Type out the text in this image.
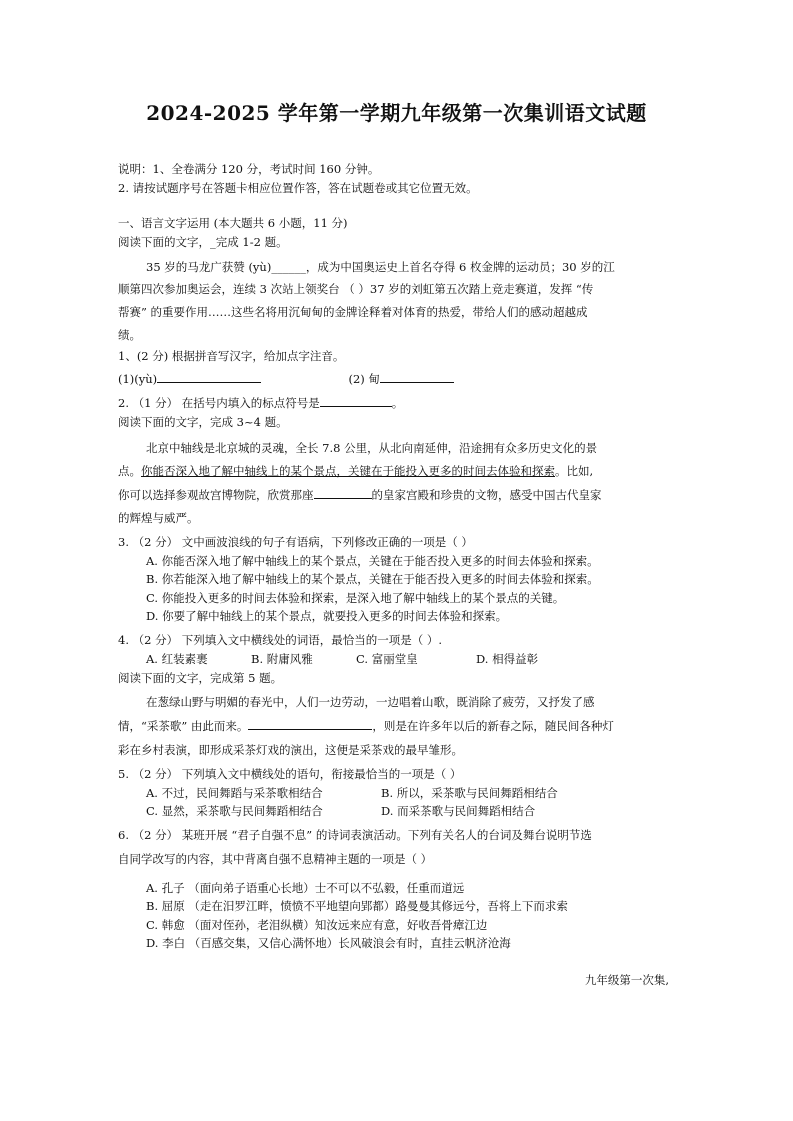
2024-2025 学年第一学期九年级第一次集训语文试题
说明：1、全卷满分 120 分，考试时间 160 分钟。
2. 请按试题序号在答题卡相应位置作答，答在试题卷或其它位置无效。
一、语言文字运用 (本大题共 6 小题，11 分)
阅读下面的文字，_完成 1-2 题。
35 岁的马龙广获赞 (yù)______，成为中国奥运史上首名夺得 6 枚金牌的运动员；30 岁的江
顺第四次参加奥运会，连续 3 次站上领奖台 （ ）37 岁的刘虹第五次踏上竞走赛道，发挥 “传
帮赛” 的重要作用……这些名将用沉甸甸的金牌诠释着对体育的热爱，带给人们的感动超越成
绩。
1、(2 分) 根据拼音写汉字，给加点字注音。
(1)(yù)	(2) 甸
2. （1 分） 在括号内填入的标点符号是	。
阅读下面的文字，完成 3~4 题。
北京中轴线是北京城的灵魂，全长 7.8 公里，从北向南延伸，沿途拥有众多历史文化的景
点。你能否深入地了解中轴线上的某个景点，关键在于能投入更多的时间去体验和探索。比如,
你可以选择参观故宫博物院，欣赏那座	的皇家宫殿和珍贵的文物，感受中国古代皇家
的辉煌与威严。
3. （2 分） 文中画波浪线的句子有语病，下列修改正确的一项是（ ）
A. 你能否深入地了解中轴线上的某个景点，关键在于能否投入更多的时间去体验和探索。
B. 你若能深入地了解中轴线上的某个景点，关键在于能否投入更多的时间去体验和探索。
C. 你能投入更多的时间去体验和探索，是深入地了解中轴线上的某个景点的关键。
D. 你要了解中轴线上的某个景点，就要投入更多的时间去体验和探索。
4. （2 分） 下列填入文中横线处的词语，最恰当的一项是（ ）.
A. 红装素裹	B. 附庸风雅	C. 富丽堂皇	D. 相得益彰
阅读下面的文字，完成第 5 题。
在葱绿山野与明媚的春光中，人们一边劳动，一边唱着山歌，既消除了疲劳，又抒发了感
情，“采茶歌” 由此而来。	，则是在许多年以后的新春之际，随民间各种灯
彩在乡村表演，即形成采茶灯戏的演出，这便是采茶戏的最早雏形。
5. （2 分） 下列填入文中横线处的语句，衔接最恰当的一项是（ ）
A. 不过，民间舞蹈与采茶歌相结合	B. 所以，采茶歌与民间舞蹈相结合
C. 显然，采茶歌与民间舞蹈相结合	D. 而采茶歌与民间舞蹈相结合
6. （2 分） 某班开展 “君子自强不息” 的诗词表演活动。下列有关名人的台词及舞台说明节选
自同学改写的内容，其中背离自强不息精神主题的一项是（ ）
A. 孔子 （面向弟子语重心长地）士不可以不弘毅，任重而道远
B. 屈原 （走在汨罗江畔，愤愤不平地望向郢都）路曼曼其修远兮，吾将上下而求索
C. 韩愈 （面对侄孙，老泪纵横）知汝远来应有意，好收吾骨瘴江边
D. 李白 （百感交集，又信心满怀地）长风破浪会有时，直挂云帆济沧海
九年级第一次集,
